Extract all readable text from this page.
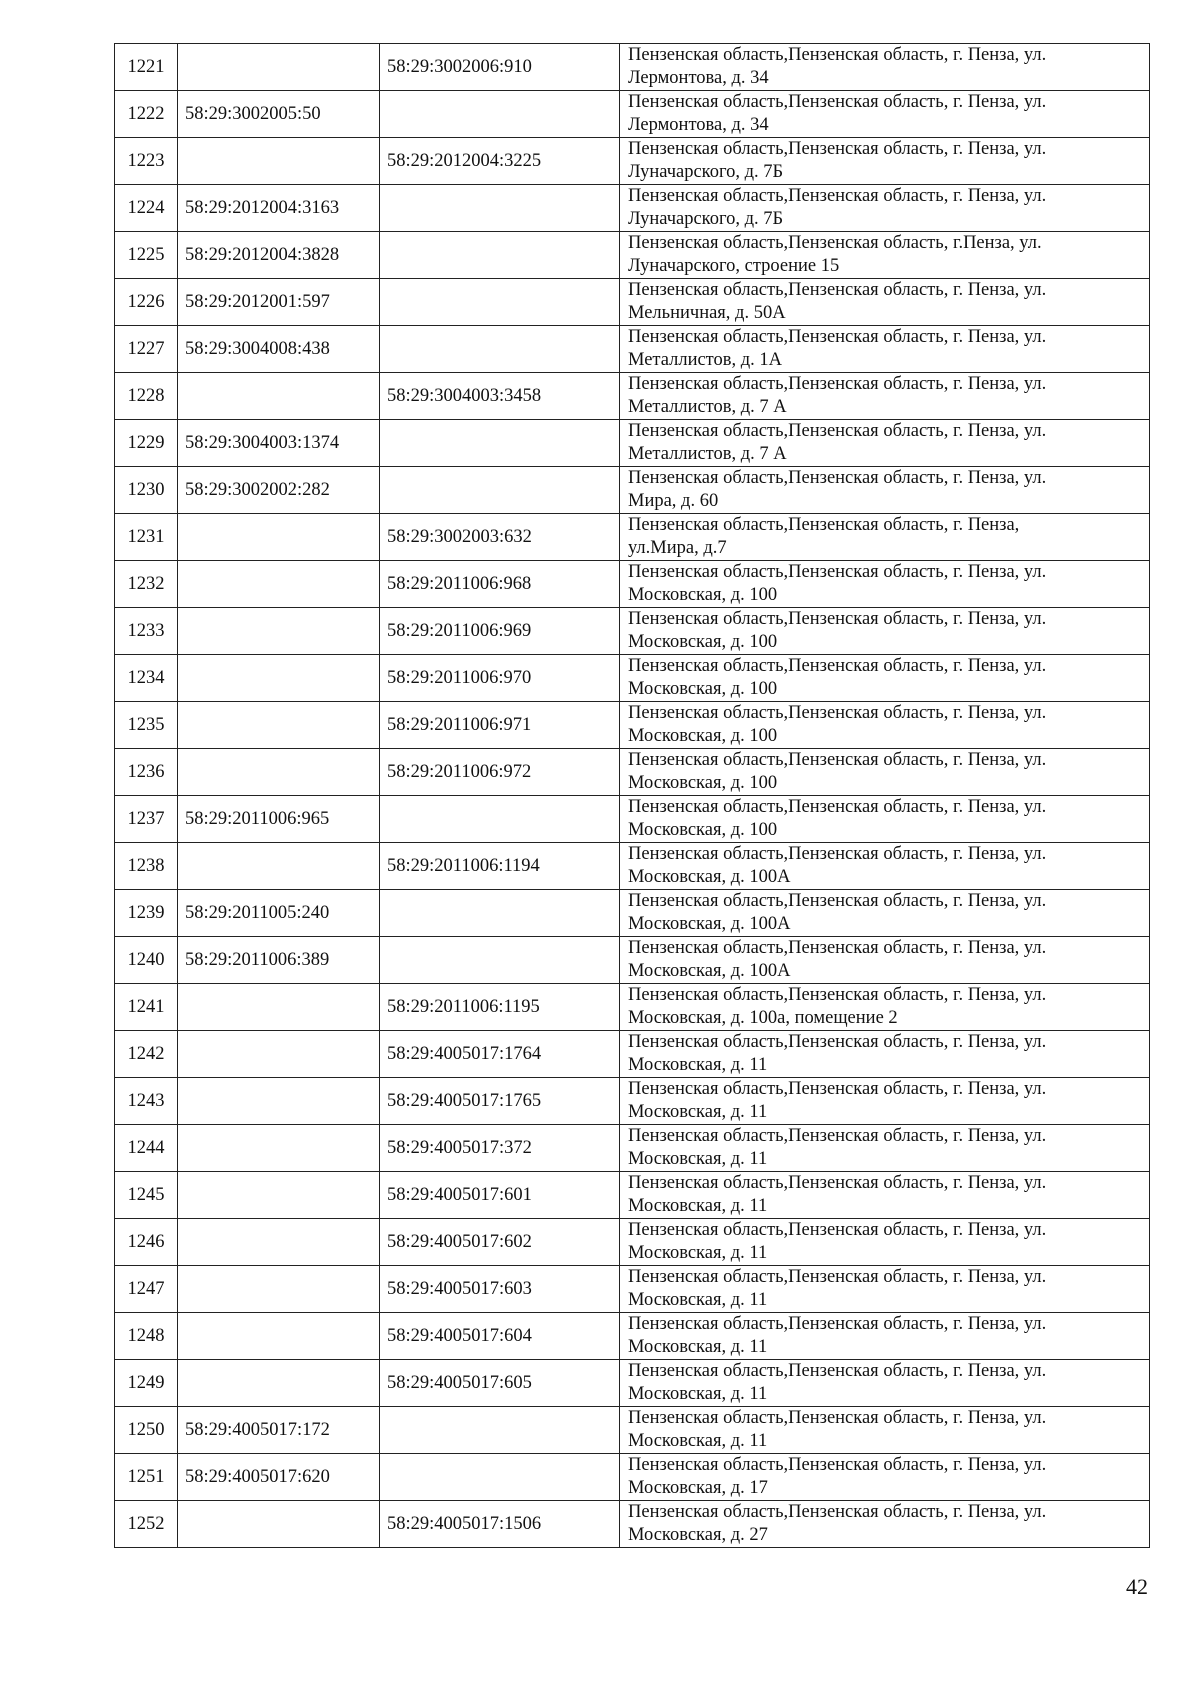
1221		58:29:3002006:910	Пензенская область,Пензенская область, г. Пенза, ул.
Лермонтова, д. 34

1222	58:29:3002005:50		Пензенская область,Пензенская область, г. Пенза, ул.
Лермонтова, д. 34

1223		58:29:2012004:3225	Пензенская область,Пензенская область, г. Пенза, ул.
Луначарского, д. 7Б

1224	58:29:2012004:3163		Пензенская область,Пензенская область, г. Пенза, ул.
Луначарского, д. 7Б

1225	58:29:2012004:3828		Пензенская область,Пензенская область, г.Пенза, ул.
Луначарского, строение 15

1226	58:29:2012001:597		Пензенская область,Пензенская область, г. Пенза, ул.
Мельничная, д. 50А

1227	58:29:3004008:438		Пензенская область,Пензенская область, г. Пенза, ул.
Металлистов, д. 1А

1228		58:29:3004003:3458	Пензенская область,Пензенская область, г. Пенза, ул.
Металлистов, д. 7 А

1229	58:29:3004003:1374		Пензенская область,Пензенская область, г. Пенза, ул.
Металлистов, д. 7 А

1230	58:29:3002002:282		Пензенская область,Пензенская область, г. Пенза, ул.
Мира, д. 60

1231		58:29:3002003:632	Пензенская область,Пензенская область, г. Пенза,
ул.Мира, д.7

1232		58:29:2011006:968	Пензенская область,Пензенская область, г. Пенза, ул.
Московская, д. 100

1233		58:29:2011006:969	Пензенская область,Пензенская область, г. Пенза, ул.
Московская, д. 100

1234		58:29:2011006:970	Пензенская область,Пензенская область, г. Пенза, ул.
Московская, д. 100

1235		58:29:2011006:971	Пензенская область,Пензенская область, г. Пенза, ул.
Московская, д. 100

1236		58:29:2011006:972	Пензенская область,Пензенская область, г. Пенза, ул.
Московская, д. 100

1237	58:29:2011006:965		Пензенская область,Пензенская область, г. Пенза, ул.
Московская, д. 100

1238		58:29:2011006:1194	Пензенская область,Пензенская область, г. Пенза, ул.
Московская, д. 100А

1239	58:29:2011005:240		Пензенская область,Пензенская область, г. Пенза, ул.
Московская, д. 100А

1240	58:29:2011006:389		Пензенская область,Пензенская область, г. Пенза, ул.
Московская, д. 100А

1241		58:29:2011006:1195	Пензенская область,Пензенская область, г. Пенза, ул.
Московская, д. 100а, помещение 2

1242		58:29:4005017:1764	Пензенская область,Пензенская область, г. Пенза, ул.
Московская, д. 11

1243		58:29:4005017:1765	Пензенская область,Пензенская область, г. Пенза, ул.
Московская, д. 11

1244		58:29:4005017:372	Пензенская область,Пензенская область, г. Пенза, ул.
Московская, д. 11

1245		58:29:4005017:601	Пензенская область,Пензенская область, г. Пенза, ул.
Московская, д. 11

1246		58:29:4005017:602	Пензенская область,Пензенская область, г. Пенза, ул.
Московская, д. 11

1247		58:29:4005017:603	Пензенская область,Пензенская область, г. Пенза, ул.
Московская, д. 11

1248		58:29:4005017:604	Пензенская область,Пензенская область, г. Пенза, ул.
Московская, д. 11

1249		58:29:4005017:605	Пензенская область,Пензенская область, г. Пенза, ул.
Московская, д. 11

1250	58:29:4005017:172		Пензенская область,Пензенская область, г. Пенза, ул.
Московская, д. 11

1251	58:29:4005017:620		Пензенская область,Пензенская область, г. Пенза, ул.
Московская, д. 17

1252		58:29:4005017:1506	Пензенская область,Пензенская область, г. Пенза, ул.
Московская, д. 27
42
